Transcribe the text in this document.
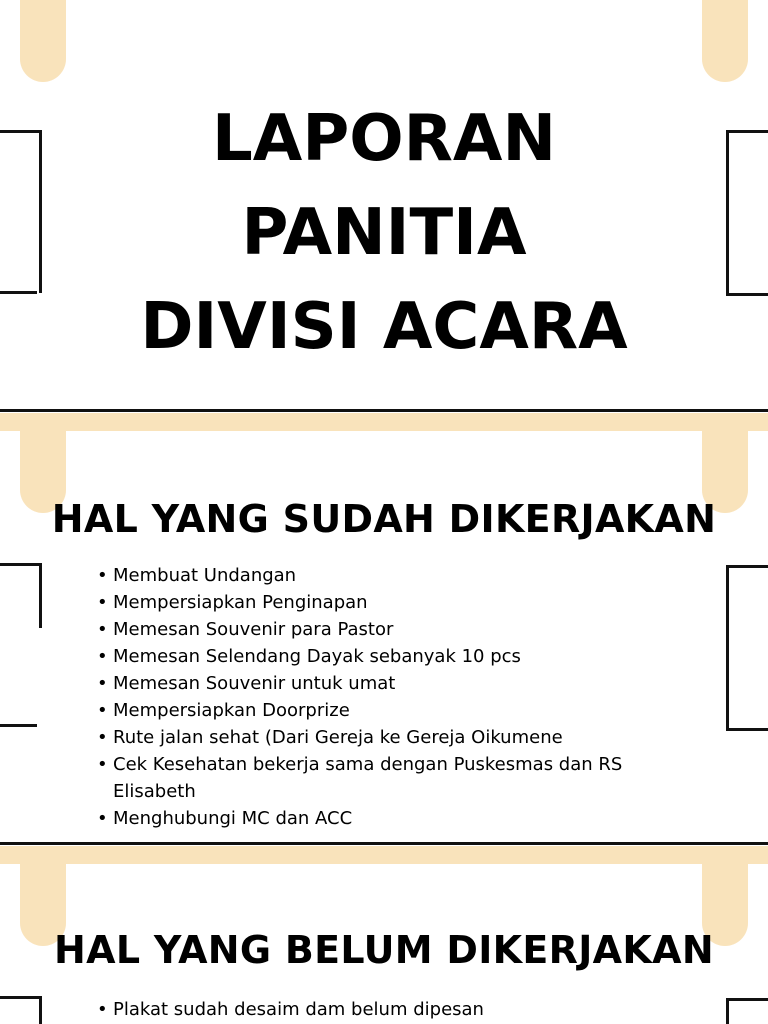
LAPORAN
PANITIA
DIVISI ACARA
HAL YANG SUDAH DIKERJAKAN
• Membuat Undangan
• Mempersiapkan Penginapan
• Memesan Souvenir para Pastor
• Memesan Selendang Dayak sebanyak 10 pcs
• Memesan Souvenir untuk umat
• Mempersiapkan Doorprize
• Rute jalan sehat (Dari Gereja ke Gereja Oikumene
• Cek Kesehatan bekerja sama dengan Puskesmas dan RS Elisabeth
• Menghubungi MC dan ACC
HAL YANG BELUM DIKERJAKAN
• Plakat sudah desaim dam belum dipesan
